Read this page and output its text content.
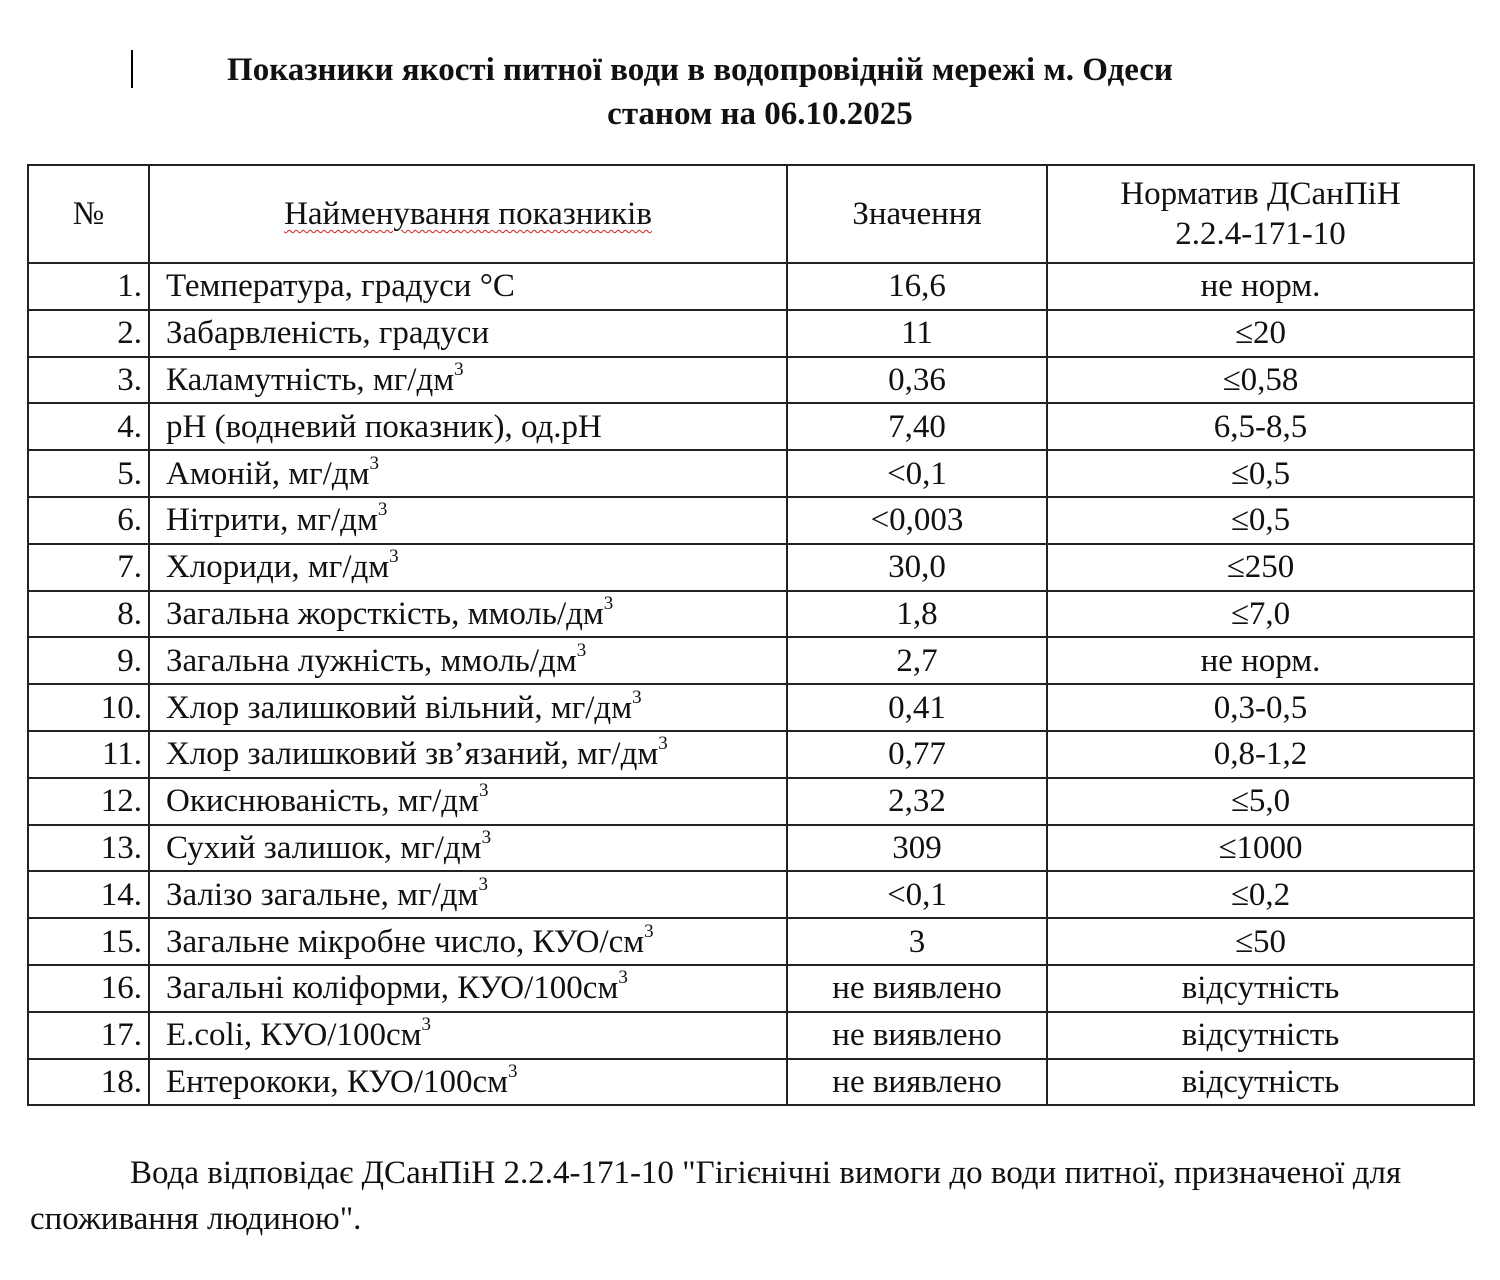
Показники якості питної води в водопровідній мережі м. Одеси
станом на 06.10.2025
№	Найменування показників	Значення	Норматив ДСанПіН
2.2.4-171-10

1.	Температура, градуси °С	16,6	не норм.
2.	Забарвленість, градуси	11	≤20
3.	Каламутність, $мг/дм^3$	0,36	≤0,58
4.	рН (водневий показник), од.рН	7,40	6,5-8,5
5.	Амоній, $мг/дм^3$	<0,1	≤0,5
6.	Нітрити, $мг/дм^3$	<0,003	≤0,5
7.	Хлориди, $мг/дм^3$	30,0	≤250
8.	Загальна жорсткість, ммоль/$дм^3$	1,8	≤7,0
9.	Загальна лужність, ммоль/$дм^3$	2,7	не норм.
10.	Хлор залишковий вільний, $мг/дм^3$	0,41	0,3-0,5
11.	Хлор залишковий зв’язаний, $мг/дм^3$	0,77	0,8-1,2
12.	Окиснюваність, $мг/дм^3$	2,32	≤5,0
13.	Сухий залишок, $мг/дм^3$	309	≤1000
14.	Залізо загальне, $мг/дм^3$	<0,1	≤0,2
15.	Загальне мікробне число, КУО/$см^3$	3	≤50
16.	Загальні коліформи, КУО/$100см^3$	не виявлено	відсутність
17.	E.coli, КУО/$100см^3$	не виявлено	відсутність
18.	Ентерококи, КУО/$100см^3$	не виявлено	відсутність
Вода відповідає ДСанПіН 2.2.4-171-10 "Гігієнічні вимоги до води питної, призначеної для споживання людиною".
